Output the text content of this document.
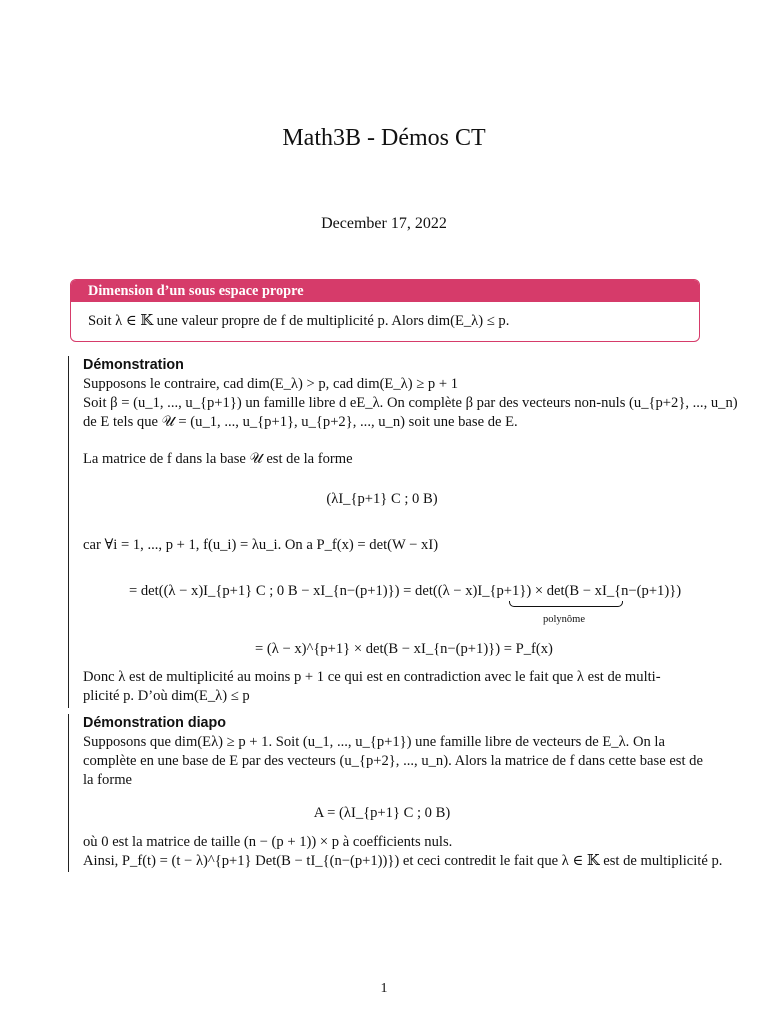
Math3B - Démos CT
December 17, 2022
Dimension d’un sous espace propre
Soit λ ∈ 𝕂 une valeur propre de f de multiplicité p. Alors dim(E_λ) ≤ p.
Démonstration
Supposons le contraire, cad dim(E_λ) > p, cad dim(E_λ) ≥ p + 1
Soit β = (u_1, ..., u_{p+1}) un famille libre d eE_λ. On complète β par des vecteurs non-nuls (u_{p+2}, ..., u_n)
de E tels que 𝒰 = (u_1, ..., u_{p+1}, u_{p+2}, ..., u_n) soit une base de E.
La matrice de f dans la base 𝒰 est de la forme
(λI_{p+1} C ; 0 B)
car ∀i = 1, ..., p + 1, f(u_i) = λu_i. On a P_f(x) = det(W − xI)
= det((λ − x)I_{p+1} C ; 0 B − xI_{n−(p+1)}) = det((λ − x)I_{p+1}) × det(B − xI_{n−(p+1)})
polynôme
= (λ − x)^{p+1} × det(B − xI_{n−(p+1)}) = P_f(x)
Donc λ est de multiplicité au moins p + 1 ce qui est en contradiction avec le fait que λ est de multi-
plicité p. D’où dim(E_λ) ≤ p
Démonstration diapo
Supposons que dim(Eλ) ≥ p + 1. Soit (u_1, ..., u_{p+1}) une famille libre de vecteurs de E_λ. On la
complète en une base de E par des vecteurs (u_{p+2}, ..., u_n). Alors la matrice de f dans cette base est de
la forme
A = (λI_{p+1} C ; 0 B)
où 0 est la matrice de taille (n − (p + 1)) × p à coefficients nuls.
Ainsi, P_f(t) = (t − λ)^{p+1} Det(B − tI_{(n−(p+1))}) et ceci contredit le fait que λ ∈ 𝕂 est de multiplicité p.
1
